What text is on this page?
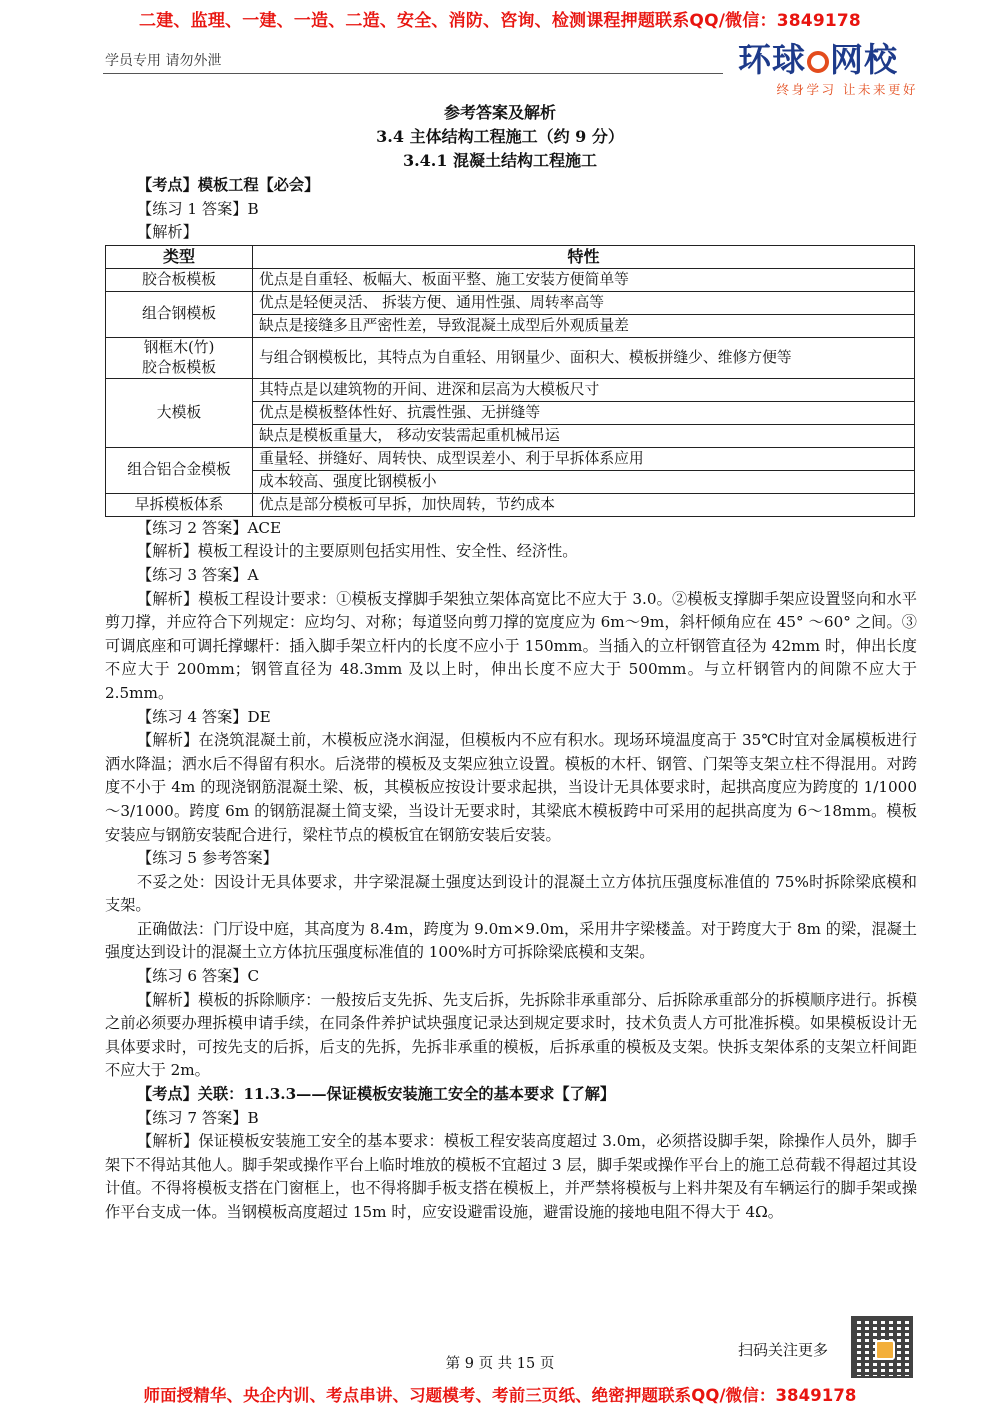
二建、监理、一建、一造、二造、安全、消防、咨询、检测课程押题联系QQ/微信：3849178
学员专用 请勿外泄	环球 网校
终身学习 让未来更好
参考答案及解析
3.4 主体结构工程施工（约 9 分）
3.4.1 混凝土结构工程施工

【考点】模板工程【必会】

【练习 1 答案】B

【解析】

类型	特性
胶合板模板	优点是自重轻、板幅大、板面平整、施工安装方便简单等
组合钢模板	优点是轻便灵活、 拆装方便、通用性强、周转率高等
	缺点是接缝多且严密性差，导致混凝土成型后外观质量差

钢框木(竹)
胶合板模板	与组合钢模板比，其特点为自重轻、用钢量少、面积大、模板拼缝少、维修方便等
大模板	其特点是以建筑物的开间、进深和层高为大模板尺寸
	优点是模板整体性好、抗震性强、无拼缝等
	缺点是模板重量大， 移动安装需起重机械吊运
组合铝合金模板	重量轻、拼缝好、周转快、成型误差小、利于早拆体系应用
	成本较高、强度比钢模板小
早拆模板体系	优点是部分模板可早拆，加快周转，节约成本

【练习 2 答案】ACE

【解析】模板工程设计的主要原则包括实用性、安全性、经济性。

【练习 3 答案】A

【解析】模板工程设计要求：①模板支撑脚手架独立架体高宽比不应大于 3.0。②模板支撑脚手架应设置竖向和水平剪刀撑，并应符合下列规定：应均匀、对称；每道竖向剪刀撑的宽度应为 6m～9m，斜杆倾角应在 45° ～60° 之间。③可调底座和可调托撑螺杆：插入脚手架立杆内的长度不应小于 150mm。当插入的立杆钢管直径为 42mm 时，伸出长度不应大于 200mm；钢管直径为 48.3mm 及以上时，伸出长度不应大于 500mm。与立杆钢管内的间隙不应大于 2.5mm。

【练习 4 答案】DE

【解析】在浇筑混凝土前，木模板应浇水润湿，但模板内不应有积水。现场环境温度高于 35℃时宜对金属模板进行洒水降温；洒水后不得留有积水。后浇带的模板及支架应独立设置。模板的木杆、钢管、门架等支架立柱不得混用。对跨度不小于 4m 的现浇钢筋混凝土梁、板，其模板应按设计要求起拱，当设计无具体要求时，起拱高度应为跨度的 1/1000～3/1000。跨度 6m 的钢筋混凝土简支梁，当设计无要求时，其梁底木模板跨中可采用的起拱高度为 6～18mm。模板安装应与钢筋安装配合进行，梁柱节点的模板宜在钢筋安装后安装。

【练习 5 参考答案】

不妥之处：因设计无具体要求，井字梁混凝土强度达到设计的混凝土立方体抗压强度标准值的 75%时拆除梁底模和支架。

正确做法：门厅设中庭，其高度为 8.4m，跨度为 9.0m×9.0m，采用井字梁楼盖。对于跨度大于 8m 的梁，混凝土强度达到设计的混凝土立方体抗压强度标准值的 100%时方可拆除梁底模和支架。

【练习 6 答案】C

【解析】模板的拆除顺序：一般按后支先拆、先支后拆，先拆除非承重部分、后拆除承重部分的拆模顺序进行。拆模之前必须要办理拆模申请手续，在同条件养护试块强度记录达到规定要求时，技术负责人方可批准拆模。如果模板设计无具体要求时，可按先支的后拆，后支的先拆，先拆非承重的模板，后拆承重的模板及支架。快拆支架体系的支架立杆间距不应大于 2m。

【考点】关联：11.3.3——保证模板安装施工安全的基本要求【了解】

【练习 7 答案】B

【解析】保证模板安装施工安全的基本要求：模板工程安装高度超过 3.0m，必须搭设脚手架，除操作人员外，脚手架下不得站其他人。脚手架或操作平台上临时堆放的模板不宜超过 3 层，脚手架或操作平台上的施工总荷载不得超过其设计值。不得将模板支搭在门窗框上，也不得将脚手板支搭在模板上，并严禁将模板与上料井架及有车辆运行的脚手架或操作平台支成一体。当钢模板高度超过 15m 时，应安设避雷设施，避雷设施的接地电阻不得大于 4Ω。

扫码关注更多
第 9 页 共 15 页
师面授精华、央企内训、考点串讲、习题模考、考前三页纸、绝密押题联系QQ/微信：3849178
